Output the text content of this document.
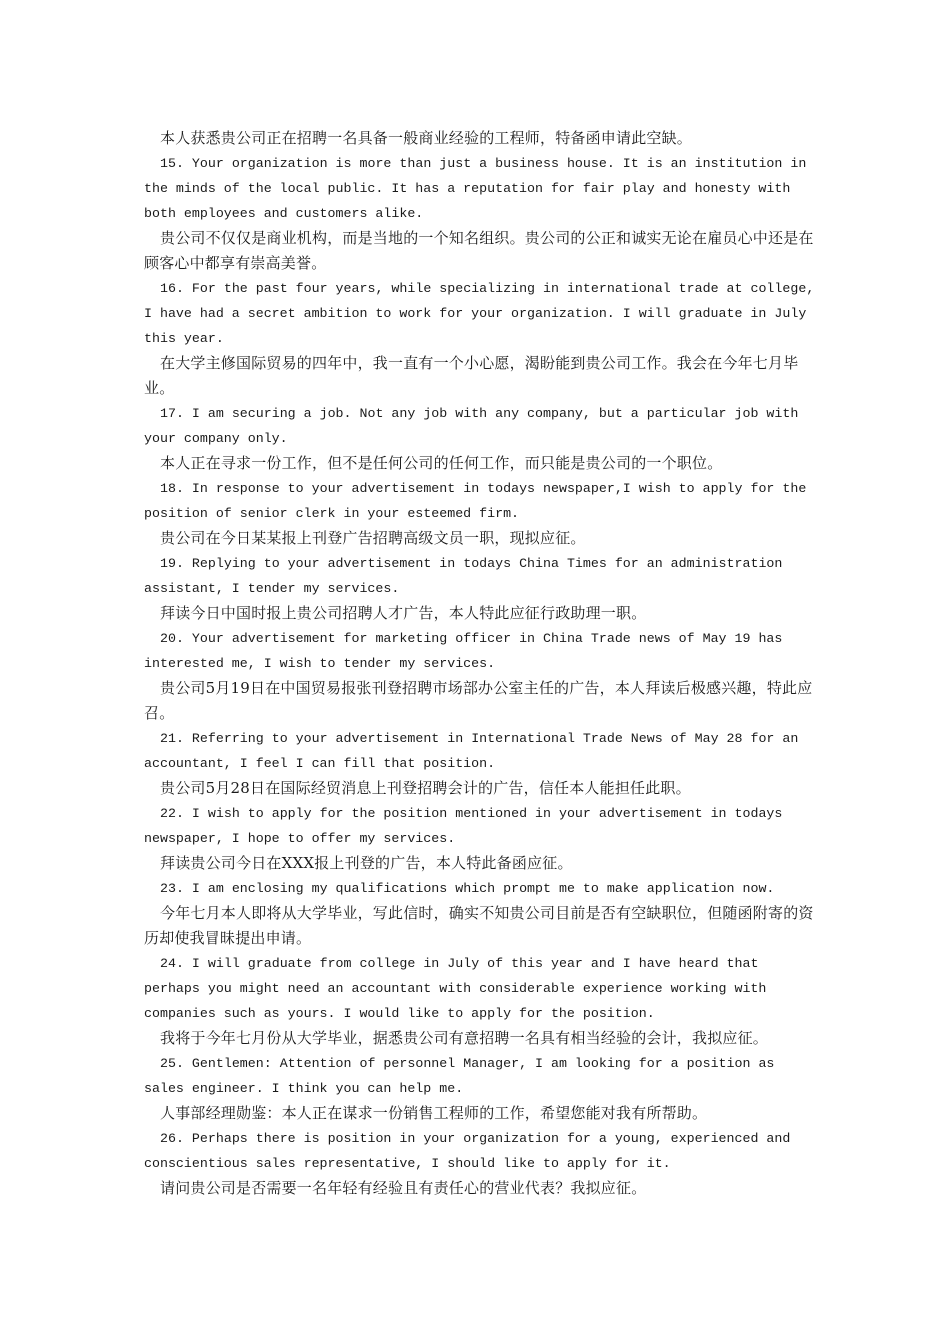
本人获悉贵公司正在招聘一名具备一般商业经验的工程师，特备函申请此空缺。

15. Your organization is more than just a business house. It is an institution in the minds of the local public. It has a reputation for fair play and honesty with both employees and customers alike.

贵公司不仅仅是商业机构，而是当地的一个知名组织。贵公司的公正和诚实无论在雇员心中还是在顾客心中都享有崇高美誉。

16. For the past four years, while specializing in international trade at college, I have had a secret ambition to work for your organization. I will graduate in July this year.

在大学主修国际贸易的四年中，我一直有一个小心愿，渴盼能到贵公司工作。我会在今年七月毕业。

17. I am securing a job. Not any job with any company, but a particular job with your company only.

本人正在寻求一份工作，但不是任何公司的任何工作，而只能是贵公司的一个职位。

18. In response to your advertisement in todays newspaper,I wish to apply for the position of senior clerk in your esteemed firm.

贵公司在今日某某报上刊登广告招聘高级文员一职，现拟应征。

19. Replying to your advertisement in todays China Times for an administration assistant, I tender my services.

拜读今日中国时报上贵公司招聘人才广告，本人特此应征行政助理一职。

20. Your advertisement for marketing officer in China Trade news of May 19 has interested me, I wish to tender my services.

贵公司5月19日在中国贸易报张刊登招聘市场部办公室主任的广告，本人拜读后极感兴趣，特此应召。

21. Referring to your advertisement in International Trade News of May 28 for an accountant, I feel I can fill that position.

贵公司5月28日在国际经贸消息上刊登招聘会计的广告，信任本人能担任此职。

22. I wish to apply for the position mentioned in your advertisement in todays newspaper, I hope to offer my services.

拜读贵公司今日在XXX报上刊登的广告，本人特此备函应征。

23. I am enclosing my qualifications which prompt me to make application now.

今年七月本人即将从大学毕业，写此信时，确实不知贵公司目前是否有空缺职位，但随函附寄的资历却使我冒昧提出申请。

24. I will graduate from college in July of this year and I have heard that perhaps you might need an accountant with considerable experience working with companies such as yours. I would like to apply for the position.

我将于今年七月份从大学毕业，据悉贵公司有意招聘一名具有相当经验的会计，我拟应征。

25. Gentlemen: Attention of personnel Manager, I am looking for a position as sales engineer. I think you can help me.

人事部经理勋鉴：本人正在谋求一份销售工程师的工作，希望您能对我有所帮助。

26. Perhaps there is position in your organization for a young, experienced and conscientious sales representative, I should like to apply for it.

请问贵公司是否需要一名年轻有经验且有责任心的营业代表？我拟应征。
